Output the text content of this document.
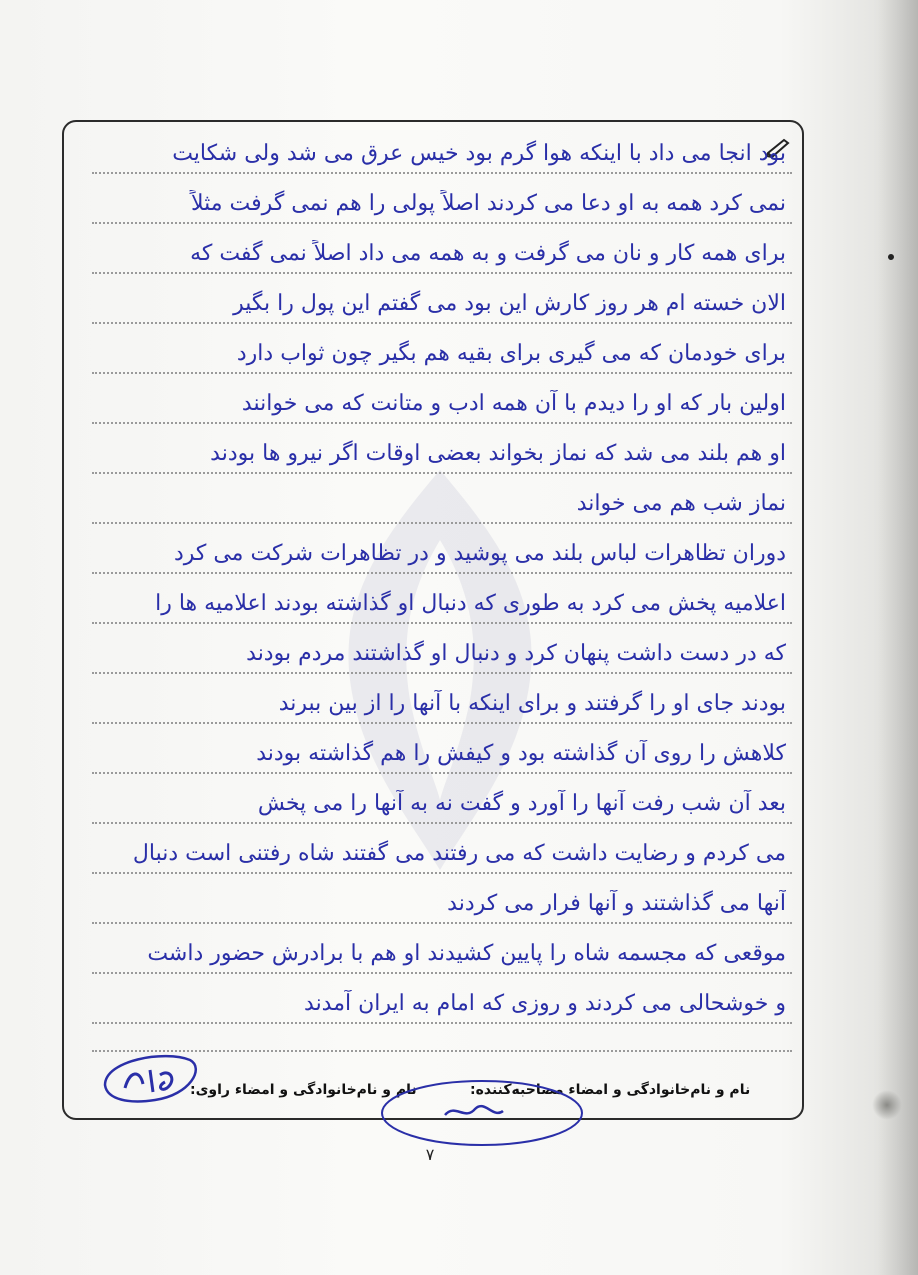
بود انجا می داد با اینکه هوا گرم بود خیس عرق می شد ولی شکایت
نمی کرد همه به او دعا می کردند اصلاً پولی را هم نمی گرفت مثلاً
برای همه کار و نان می گرفت و به همه می داد اصلاً نمی گفت که
الان خسته ام هر روز کارش این بود می گفتم این پول را بگیر
برای خودمان که می گیری برای بقیه هم بگیر چون ثواب دارد
اولین بار که او را دیدم با آن همه ادب و متانت که می خوانند
او هم بلند می شد که نماز بخواند بعضی اوقات اگر نیرو ها بودند
نماز شب هم می خواند
دوران تظاهرات لباس بلند می پوشید و در تظاهرات شرکت می کرد
اعلامیه پخش می کرد به طوری که دنبال او گذاشته بودند اعلامیه ها را
که در دست داشت پنهان کرد و دنبال او گذاشتند مردم بودند
بودند جای او را گرفتند و برای اینکه با آنها را از بین ببرند
کلاهش را روی آن گذاشته بود و کیفش را هم گذاشته بودند
بعد آن شب رفت آنها را آورد و گفت نه به آنها را می پخش
می کردم و رضایت داشت که می رفتند می گفتند شاه رفتنی است دنبال
آنها می گذاشتند و آنها فرار می کردند
موقعی که مجسمه شاه را پایین کشیدند او هم با برادرش حضور داشت
و خوشحالی می کردند و روزی که امام به ایران آمدند
نام و نام‌خانوادگی و امضاء مصاحبه‌کننده:
نام و نام‌خانوادگی و امضاء راوی:
۷
